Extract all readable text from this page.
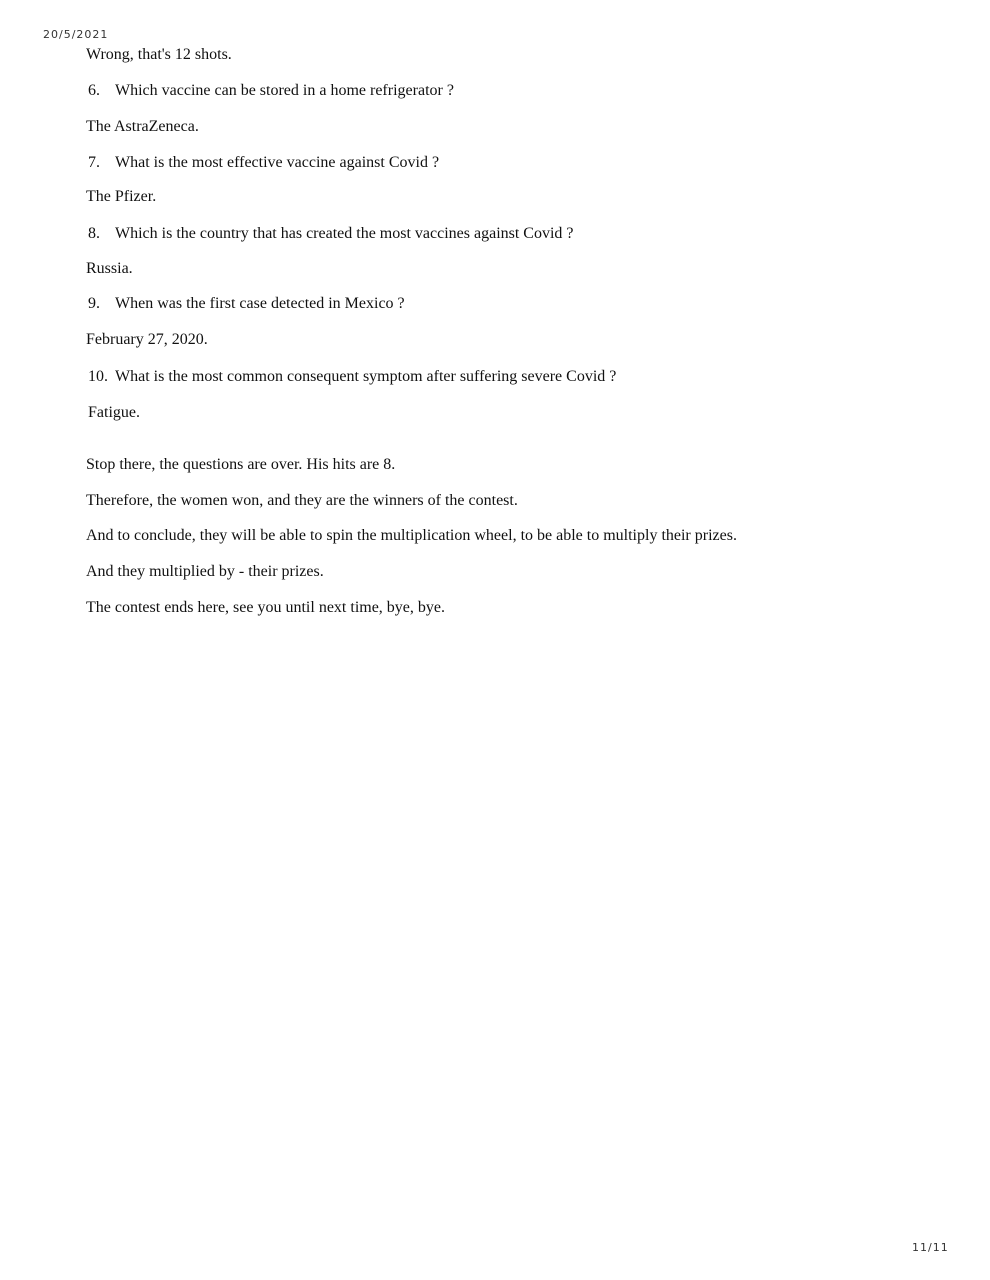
20/5/2021
Wrong, that's 12 shots.
6. Which vaccine can be stored in a home refrigerator ?
The AstraZeneca.
7. What is the most effective vaccine against Covid ?
The Pfizer.
8. Which is the country that has created the most vaccines against Covid ?
Russia.
9. When was the first case detected in Mexico ?
February 27, 2020.
10. What is the most common consequent symptom after suffering severe Covid ?
Fatigue.
Stop there, the questions are over. His hits are 8.
Therefore, the women won, and they are the winners of the contest.
And to conclude, they will be able to spin the multiplication wheel, to be able to multiply their prizes.
And they multiplied by - their prizes.
The contest ends here, see you until next time, bye, bye.
11/11
